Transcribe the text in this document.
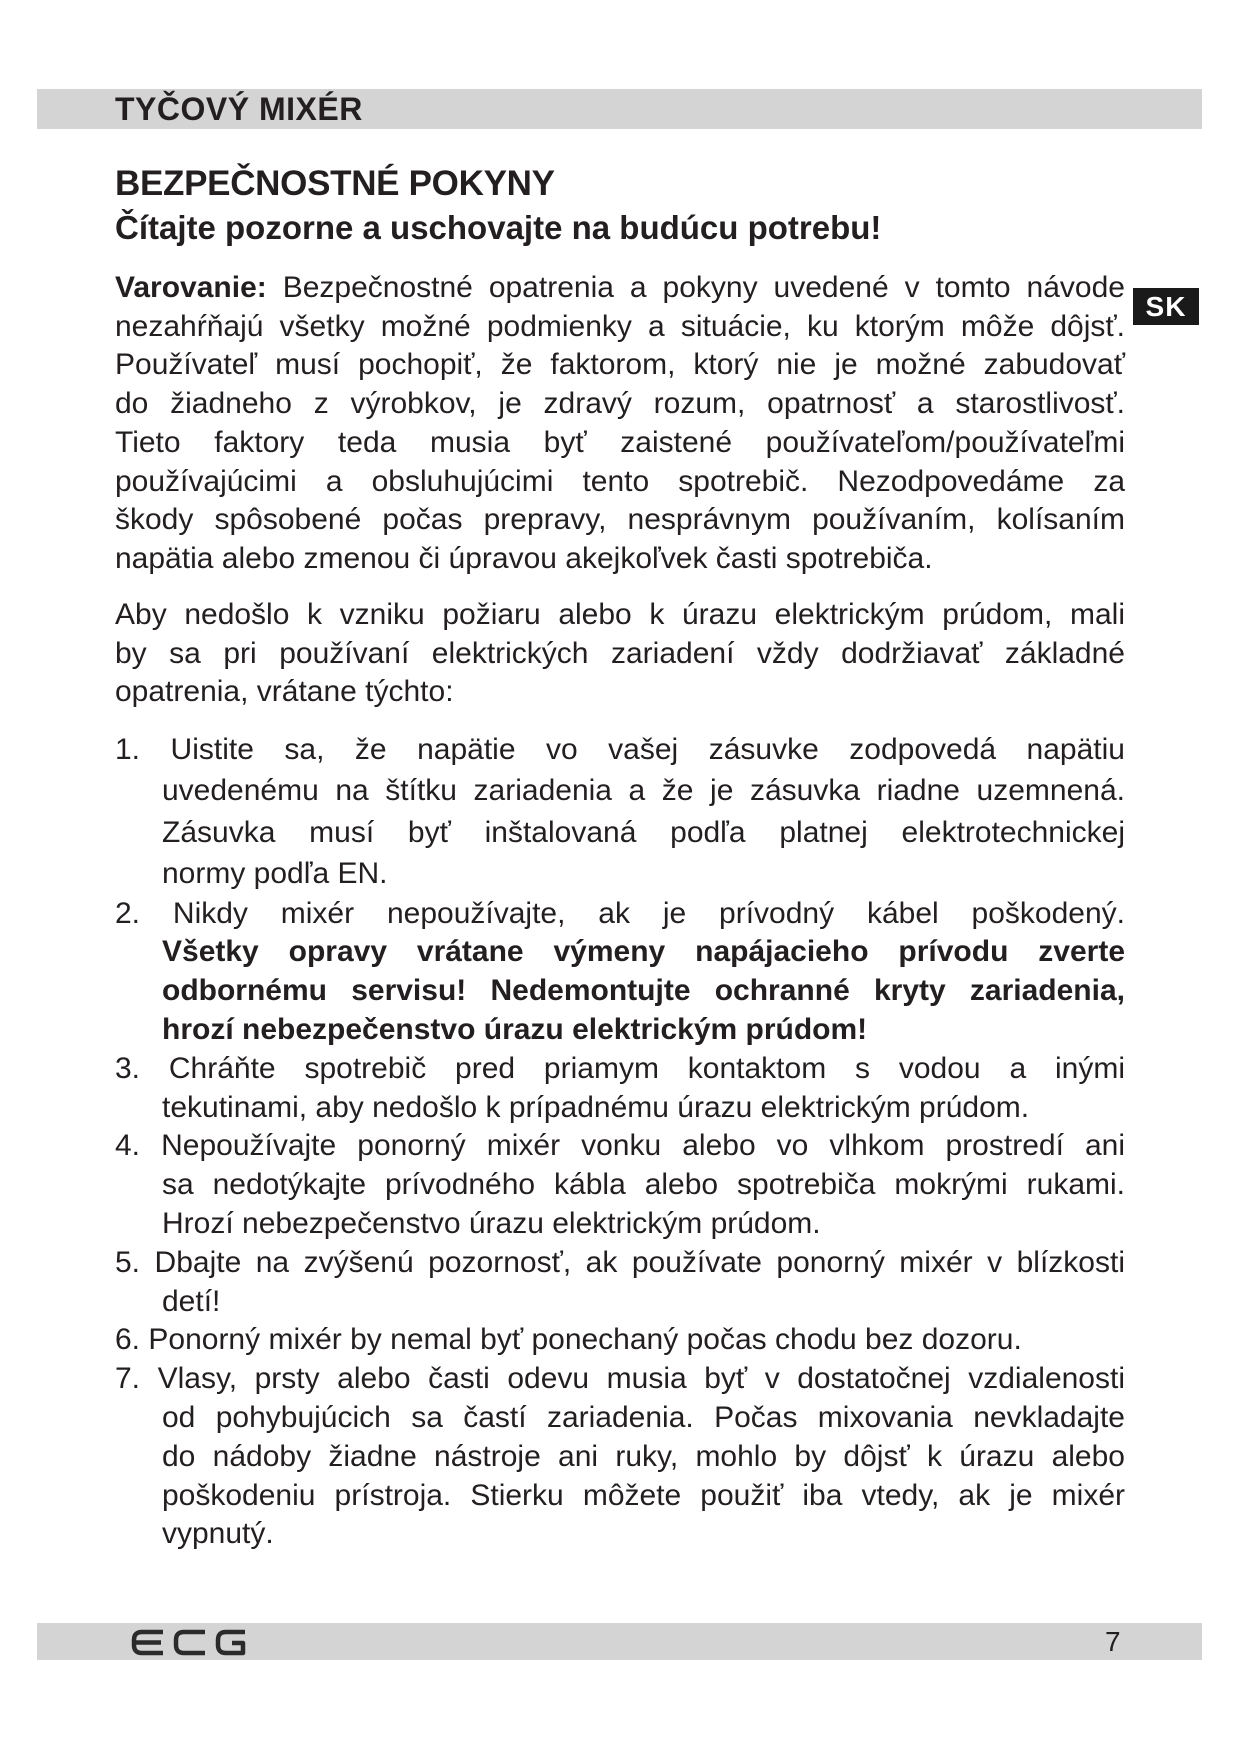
TYČOVÝ MIXÉR
BEZPEČNOSTNÉ POKYNY
Čítajte pozorne a uschovajte na budúcu potrebu!
SK
Varovanie: Bezpečnostné opatrenia a pokyny uvedené v tomto návode
nezahŕňajú všetky možné podmienky a situácie, ku ktorým môže dôjsť.
Používateľ musí pochopiť, že faktorom, ktorý nie je možné zabudovať
do žiadneho z výrobkov, je zdravý rozum, opatrnosť a starostlivosť.
Tieto faktory teda musia byť zaistené používateľom/používateľmi
používajúcimi a obsluhujúcimi tento spotrebič. Nezodpovedáme za
škody spôsobené počas prepravy, nesprávnym používaním, kolísaním
napätia alebo zmenou či úpravou akejkoľvek časti spotrebiča.
Aby nedošlo k vzniku požiaru alebo k úrazu elektrickým prúdom, mali
by sa pri používaní elektrických zariadení vždy dodržiavať základné
opatrenia, vrátane týchto:
1. Uistite sa, že napätie vo vašej zásuvke zodpovedá napätiu
uvedenému na štítku zariadenia a že je zásuvka riadne uzemnená.
Zásuvka musí byť inštalovaná podľa platnej elektrotechnickej
normy podľa EN.
2. Nikdy mixér nepoužívajte, ak je prívodný kábel poškodený.
Všetky opravy vrátane výmeny napájacieho prívodu zverte
odbornému servisu! Nedemontujte ochranné kryty zariadenia,
hrozí nebezpečenstvo úrazu elektrickým prúdom!
3. Chráňte spotrebič pred priamym kontaktom s vodou a inými
tekutinami, aby nedošlo k prípadnému úrazu elektrickým prúdom.
4. Nepoužívajte ponorný mixér vonku alebo vo vlhkom prostredí ani
sa nedotýkajte prívodného kábla alebo spotrebiča mokrými rukami.
Hrozí nebezpečenstvo úrazu elektrickým prúdom.
5. Dbajte na zvýšenú pozornosť, ak používate ponorný mixér v blízkosti
detí!
6. Ponorný mixér by nemal byť ponechaný počas chodu bez dozoru.
7. Vlasy, prsty alebo časti odevu musia byť v dostatočnej vzdialenosti
od pohybujúcich sa častí zariadenia. Počas mixovania nevkladajte
do nádoby žiadne nástroje ani ruky, mohlo by dôjsť k úrazu alebo
poškodeniu prístroja. Stierku môžete použiť iba vtedy, ak je mixér
vypnutý.
7
